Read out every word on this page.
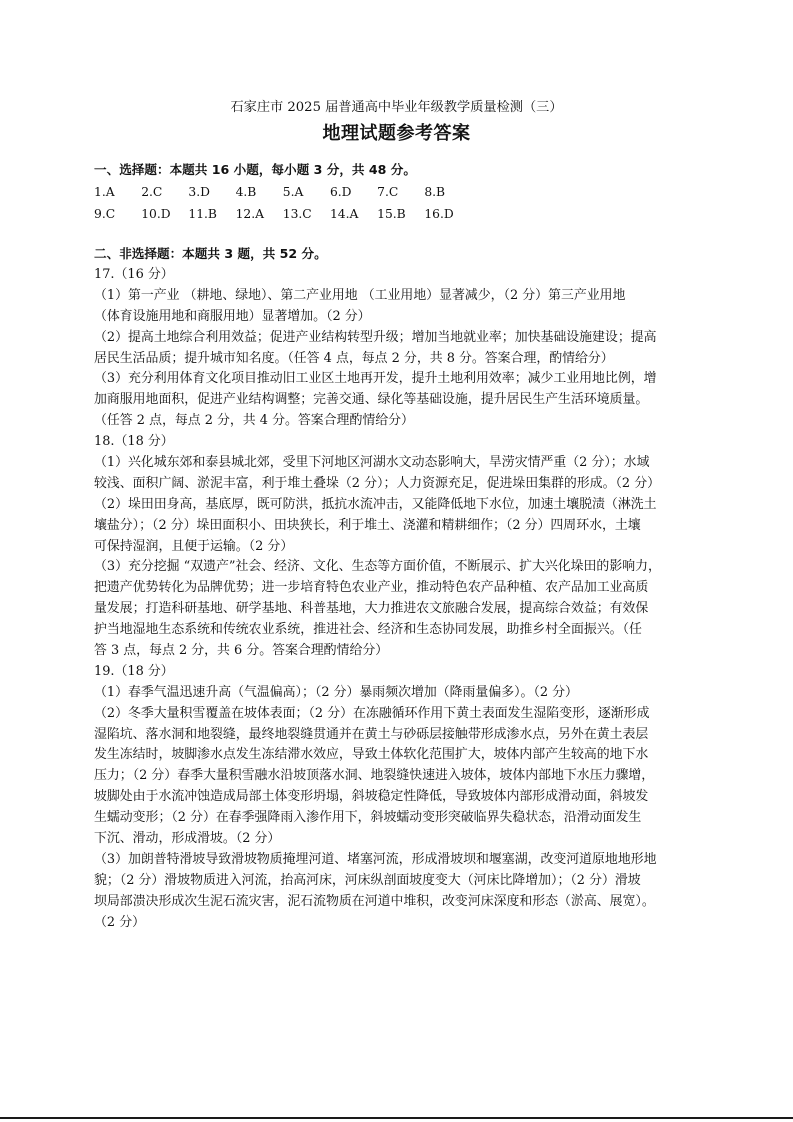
石家庄市 2025 届普通高中毕业年级教学质量检测（三）
地理试题参考答案
一、选择题：本题共 16 小题，每小题 3 分，共 48 分。
1.A	2.C	3.D	4.B	5.A	6.D	7.C	8.B
9.C	10.D	11.B	12.A	13.C	14.A	15.B	16.D
二、非选择题：本题共 3 题，共 52 分。
17.（16 分）
（1）第一产业 （耕地、绿地）、第二产业用地 （工业用地）显著减少，（2 分）第三产业用地
（体育设施用地和商服用地）显著增加。（2 分）
（2）提高土地综合利用效益；促进产业结构转型升级；增加当地就业率；加快基础设施建设；提高
居民生活品质；提升城市知名度。（任答 4 点，每点 2 分，共 8 分。答案合理，酌情给分）
（3）充分利用体育文化项目推动旧工业区土地再开发，提升土地利用效率；减少工业用地比例，增
加商服用地面积，促进产业结构调整；完善交通、绿化等基础设施，提升居民生产生活环境质量。
（任答 2 点，每点 2 分，共 4 分。答案合理酌情给分）
18.（18 分）
（1）兴化城东郊和泰县城北郊，受里下河地区河湖水文动态影响大，旱涝灾情严重（2 分）；水域
较浅、面积广阔、淤泥丰富，利于堆土叠垛（2 分）；人力资源充足，促进垛田集群的形成。（2 分）
（2）垛田田身高，基底厚，既可防洪，抵抗水流冲击，又能降低地下水位，加速土壤脱渍（淋洗土
壤盐分）；（2 分）垛田面积小、田块狭长，利于堆土、浇灌和精耕细作；（2 分）四周环水，土壤
可保持湿润，且便于运输。（2 分）
（3）充分挖掘 “双遗产”社会、经济、文化、生态等方面价值，不断展示、扩大兴化垛田的影响力，
把遗产优势转化为品牌优势；进一步培育特色农业产业，推动特色农产品种植、农产品加工业高质
量发展；打造科研基地、研学基地、科普基地，大力推进农文旅融合发展，提高综合效益；有效保
护当地湿地生态系统和传统农业系统，推进社会、经济和生态协同发展，助推乡村全面振兴。（任
答 3 点，每点 2 分，共 6 分。答案合理酌情给分）
19.（18 分）
（1）春季气温迅速升高（气温偏高）；（2 分）暴雨频次增加（降雨量偏多）。（2 分）
（2）冬季大量积雪覆盖在坡体表面；（2 分）在冻融循环作用下黄土表面发生湿陷变形，逐渐形成
湿陷坑、落水洞和地裂缝，最终地裂缝贯通并在黄土与砂砾层接触带形成渗水点，另外在黄土表层
发生冻结时，坡脚渗水点发生冻结滞水效应，导致土体软化范围扩大，坡体内部产生较高的地下水
压力；（2 分）春季大量积雪融水沿坡顶落水洞、地裂缝快速进入坡体，坡体内部地下水压力骤增，
坡脚处由于水流冲蚀造成局部土体变形坍塌，斜坡稳定性降低，导致坡体内部形成滑动面，斜坡发
生蠕动变形；（2 分）在春季强降雨入渗作用下，斜坡蠕动变形突破临界失稳状态，沿滑动面发生
下沉、滑动，形成滑坡。（2 分）
（3）加朗普特滑坡导致滑坡物质掩埋河道、堵塞河流，形成滑坡坝和堰塞湖，改变河道原地地形地
貌；（2 分）滑坡物质进入河流，抬高河床，河床纵剖面坡度变大（河床比降增加）；（2 分）滑坡
坝局部溃决形成次生泥石流灾害，泥石流物质在河道中堆积，改变河床深度和形态（淤高、展宽）。
（2 分）
